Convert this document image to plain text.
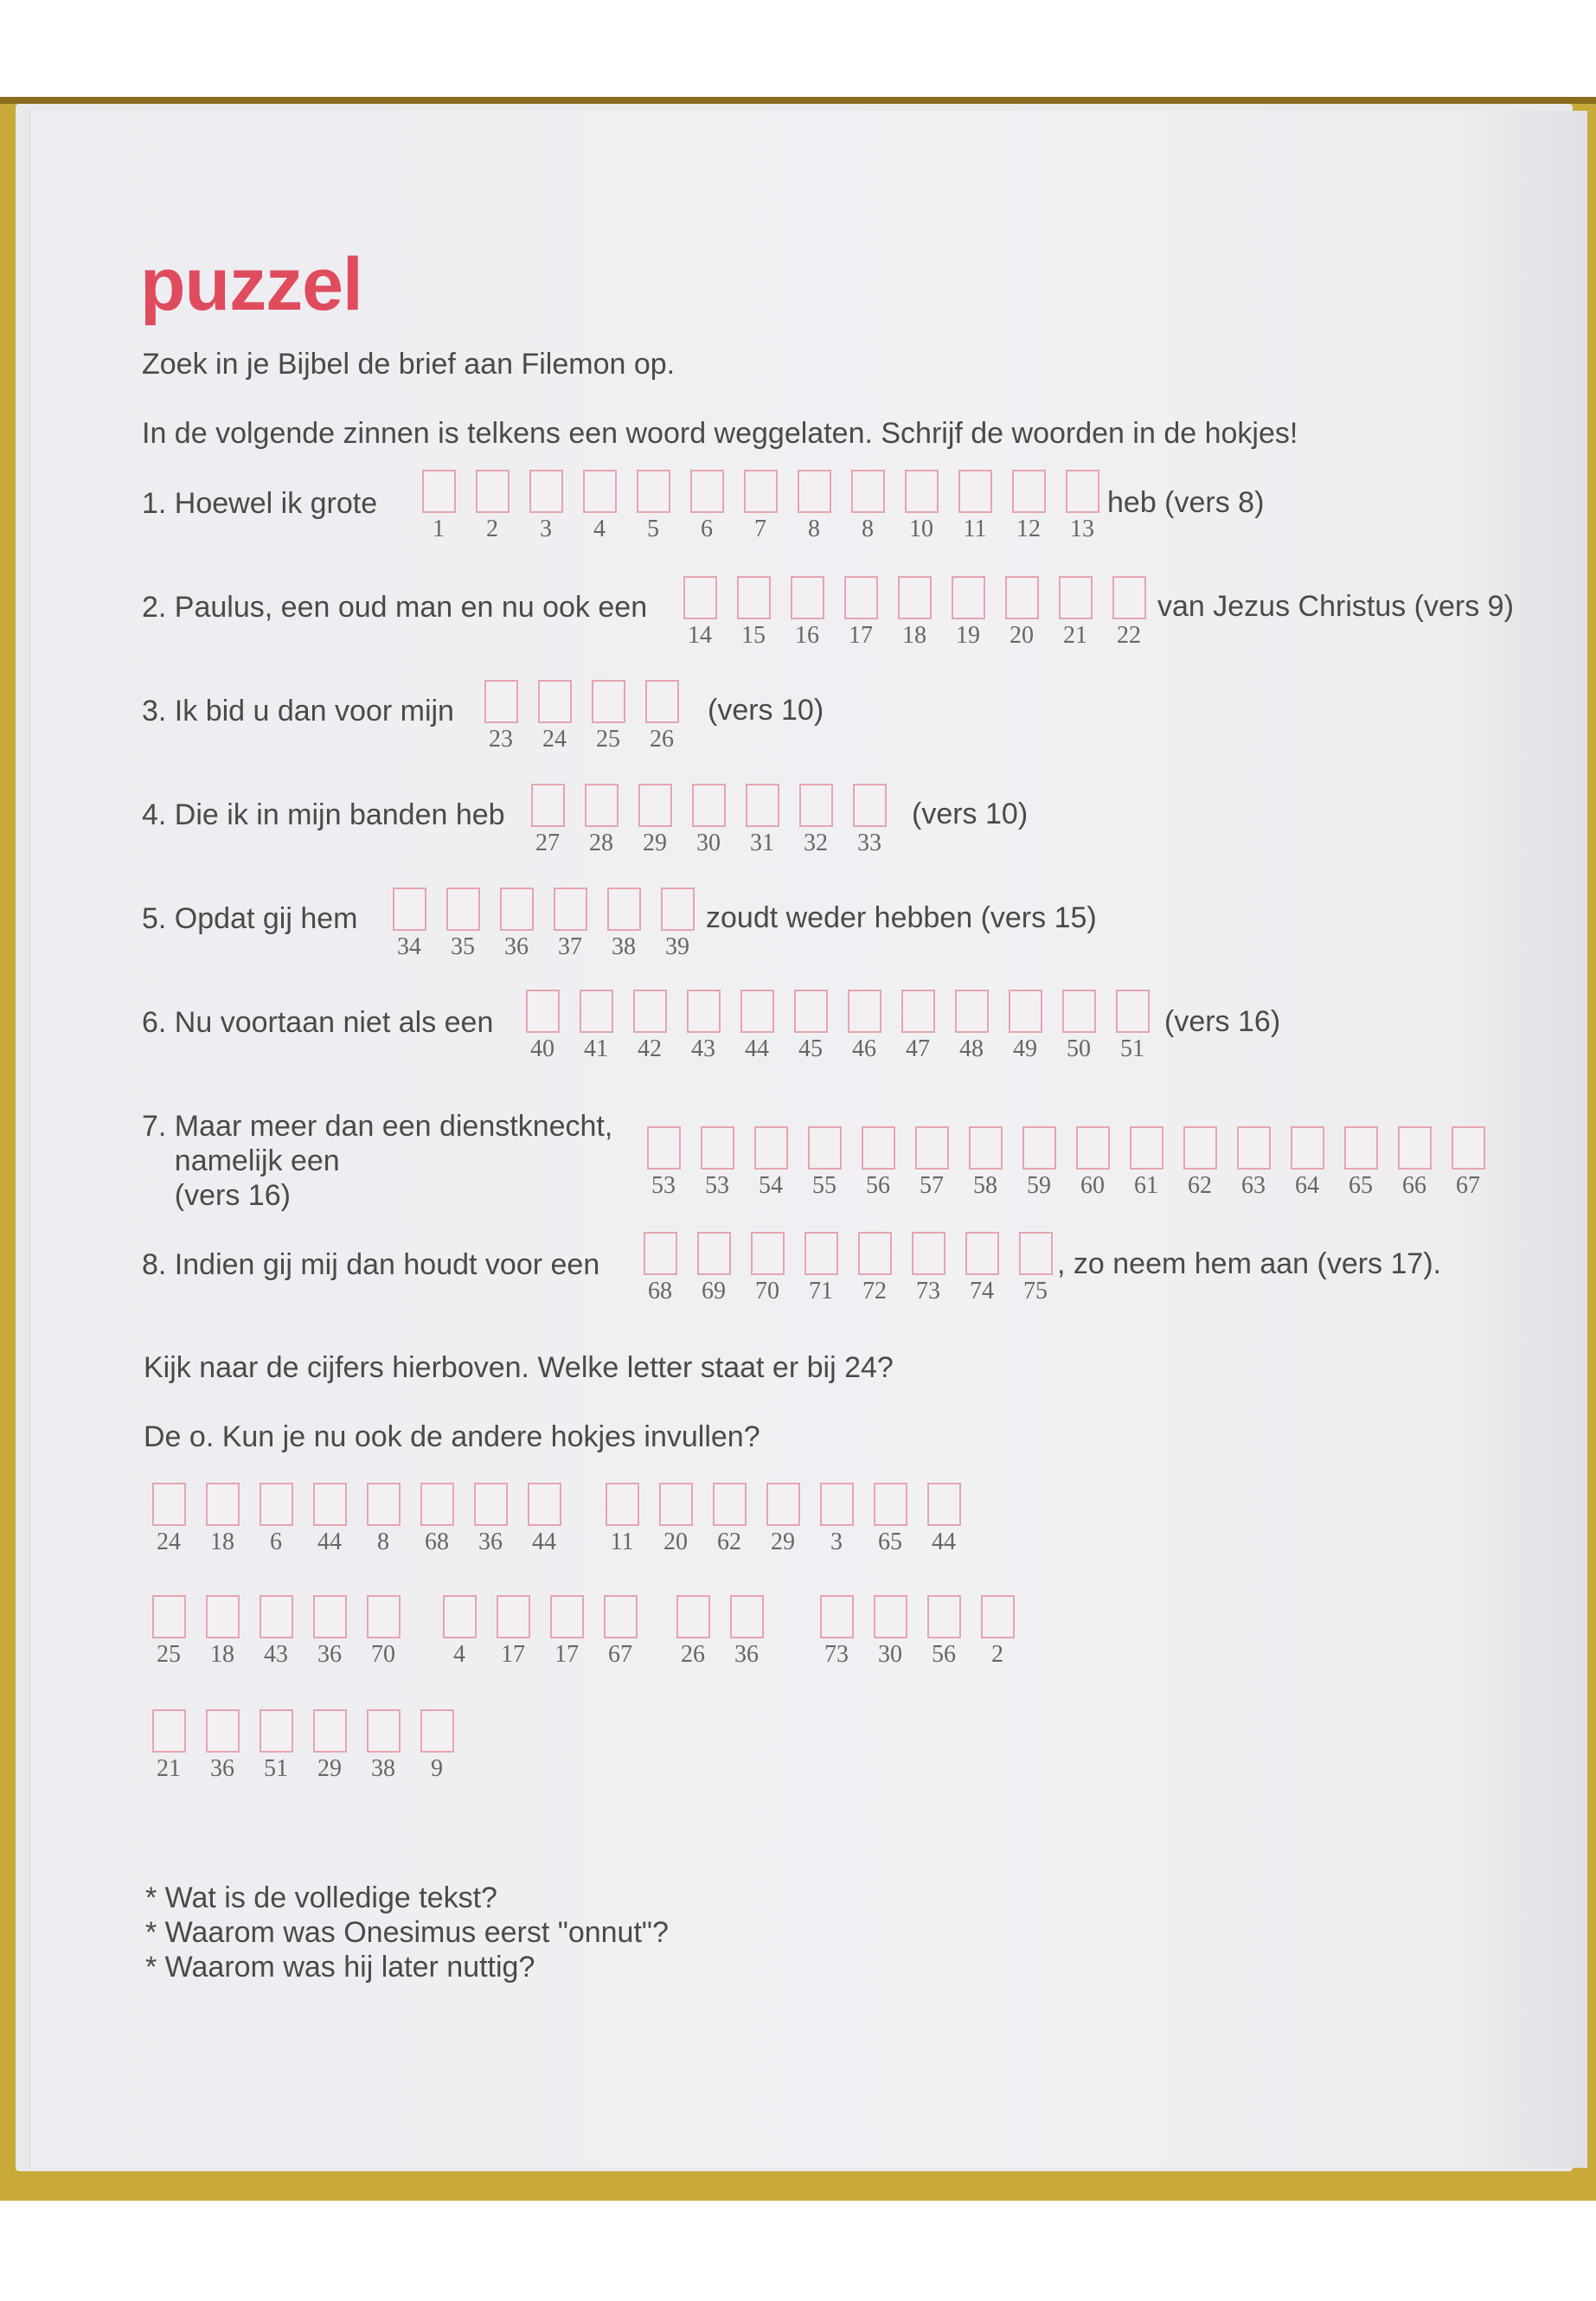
puzzel
Zoek in je Bijbel de brief aan Filemon op.
In de volgende zinnen is telkens een woord weggelaten. Schrijf de woorden in de hokjes!
1. Hoewel ik grote
1 2 3 4 5 6 7 8 8 10 11 12 13
heb (vers 8)
2. Paulus, een oud man en nu ook een
14 15 16 17 18 19 20 21 22
van Jezus Christus (vers 9)
3. Ik bid u dan voor mijn
23 24 25 26
(vers 10)
4. Die ik in mijn banden heb
27 28 29 30 31 32 33
(vers 10)
5. Opdat gij hem
34 35 36 37 38 39
zoudt weder hebben (vers 15)
6. Nu voortaan niet als een
40 41 42 43 44 45 46 47 48 49 50 51
(vers 16)
7. Maar meer dan een dienstknecht,
namelijk een
(vers 16)	53 53 54 55 56 57 58 59 60 61 62 63 64 65 66 67
8. Indien gij mij dan houdt voor een
68 69 70 71 72 73 74 75
, zo neem hem aan (vers 17).
Kijk naar de cijfers hierboven. Welke letter staat er bij 24?
De o. Kun je nu ook de andere hokjes invullen?
24 18 6 44 8 68 36 44 11 20 62 29 3 65 44
25 18 43 36 70 4 17 17 67 26 36	73 30 56 2
21 36 51 29 38 9
* Wat is de volledige tekst?
* Waarom was Onesimus eerst "onnut"?
* Waarom was hij later nuttig?
